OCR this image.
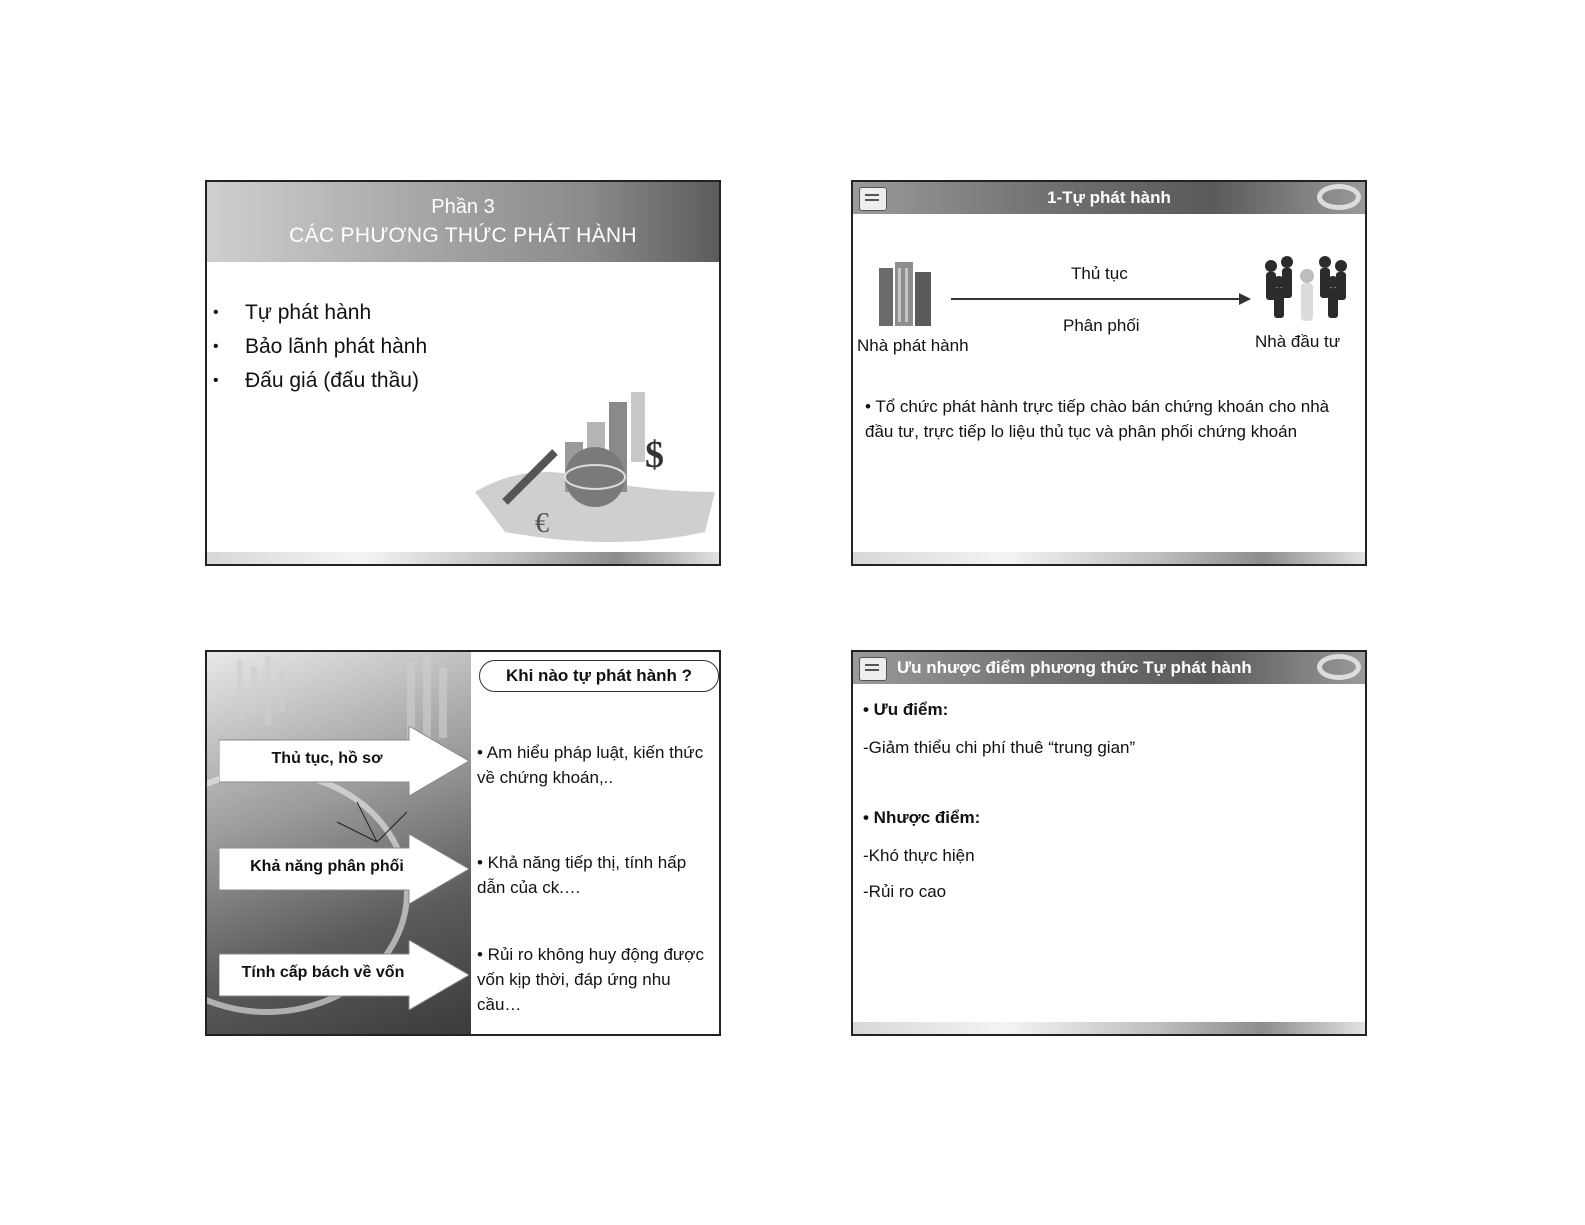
Phần 3
CÁC PHƯƠNG THỨC PHÁT HÀNH
• Tự phát hành
• Bảo lãnh phát hành
• Đấu giá (đấu thầu)
$
€
1-Tự phát hành
Thủ tục
Phân phối
Nhà phát hành	Nhà đầu tư
• Tổ chức phát hành trực tiếp chào bán chứng khoán cho nhà đầu tư, trực tiếp lo liệu thủ tục và phân phối chứng khoán
Thủ tục, hồ sơ
Khả năng phân phối
Tính cấp bách về vốn
Khi nào tự phát hành ?
• Am hiểu pháp luật, kiến thức về chứng khoán,..
• Khả năng tiếp thị, tính hấp dẫn của ck.…
• Rủi ro không huy động được vốn kịp thời, đáp ứng nhu cầu…
Ưu nhược điểm phương thức Tự phát hành
• Ưu điểm:
-Giảm thiểu chi phí thuê “trung gian”
• Nhược điểm:
-Khó thực hiện
-Rủi ro cao
